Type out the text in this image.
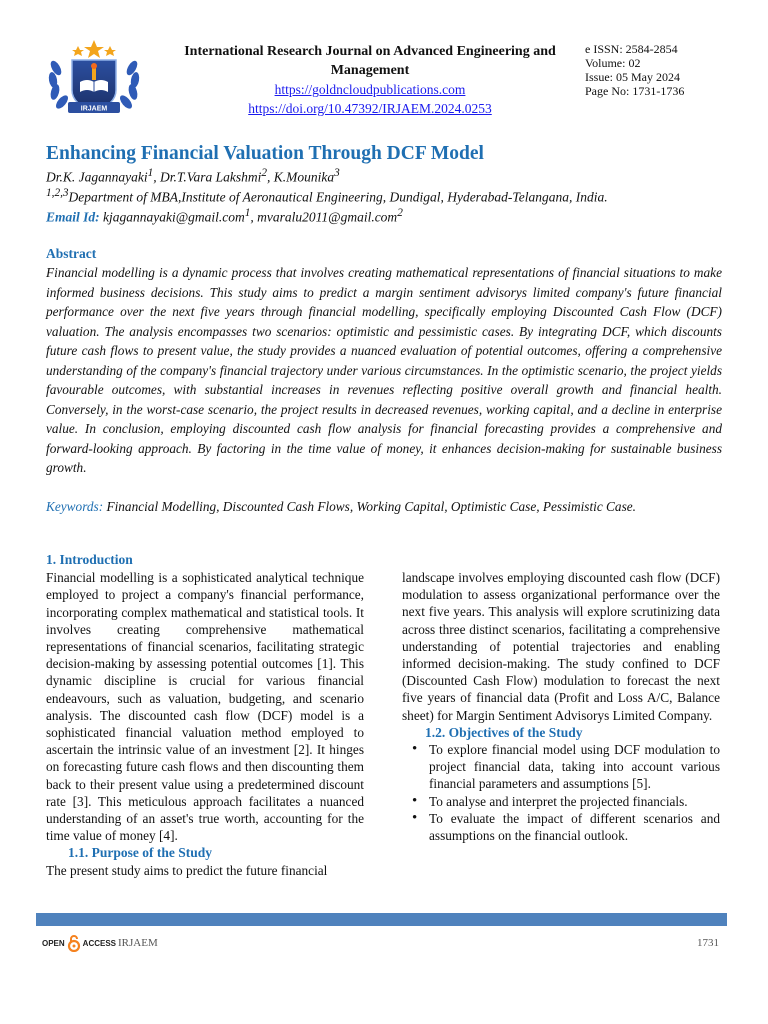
IRJAEM
International Research Journal on Advanced Engineering and Management
https://goldncloudpublications.com
https://doi.org/10.47392/IRJAEM.2024.0253
e ISSN: 2584-2854
Volume: 02
Issue: 05 May 2024
Page No: 1731-1736
Enhancing Financial Valuation Through DCF Model
Dr.K. Jagannayaki$^1$, Dr.T.Vara Lakshmi$^2$, K.Mounika$^3$
$^{1,2,3}$Department of MBA,Institute of Aeronautical Engineering, Dundigal, Hyderabad-Telangana, India.
Email Id: kjagannayaki@gmail.com$^1$, mvaralu2011@gmail.com$^2$
Abstract
Financial modelling is a dynamic process that involves creating mathematical representations of financial situations to make informed business decisions. This study aims to predict a margin sentiment advisorys limited company's future financial performance over the next five years through financial modelling, specifically employing Discounted Cash Flow (DCF) valuation. The analysis encompasses two scenarios: optimistic and pessimistic cases. By integrating DCF, which discounts future cash flows to present value, the study provides a nuanced evaluation of potential outcomes, offering a comprehensive understanding of the company's financial trajectory under various circumstances. In the optimistic scenario, the project yields favourable outcomes, with substantial increases in revenues reflecting positive overall growth and financial health. Conversely, in the worst-case scenario, the project results in decreased revenues, working capital, and a decline in enterprise value. In conclusion, employing discounted cash flow analysis for financial forecasting provides a comprehensive and forward-looking approach. By factoring in the time value of money, it enhances decision-making for sustainable business growth.
Keywords: Financial Modelling, Discounted Cash Flows, Working Capital, Optimistic Case, Pessimistic Case.
1. Introduction

Financial modelling is a sophisticated analytical technique employed to project a company's financial performance, incorporating complex mathematical and statistical tools. It involves creating comprehensive mathematical representations of financial scenarios, facilitating strategic decision-making by assessing potential outcomes [1]. This dynamic discipline is crucial for various financial endeavours, such as valuation, budgeting, and scenario analysis. The discounted cash flow (DCF) model is a sophisticated financial valuation method employed to ascertain the intrinsic value of an investment [2]. It hinges on forecasting future cash flows and then discounting them back to their present value using a predetermined discount rate [3]. This meticulous approach facilitates a nuanced understanding of an asset's true worth, accounting for the time value of money [4].

1.1. Purpose of the Study

The present study aims to predict the future financial

landscape involves employing discounted cash flow (DCF) modulation to assess organizational performance over the next five years. This analysis will explore scrutinizing data across three distinct scenarios, facilitating a comprehensive understanding of potential trajectories and enabling informed decision-making. The study confined to DCF (Discounted Cash Flow) modulation to forecast the next five years of financial data (Profit and Loss A/C, Balance sheet) for Margin Sentiment Advisorys Limited Company.

1.2. Objectives of the Study
• To explore financial model using DCF modulation to project financial data, taking into account various financial parameters and assumptions [5].
• To analyse and interpret the projected financials.
• To evaluate the impact of different scenarios and assumptions on the financial outlook.
OPEN ACCESS IRJAEM	1731
